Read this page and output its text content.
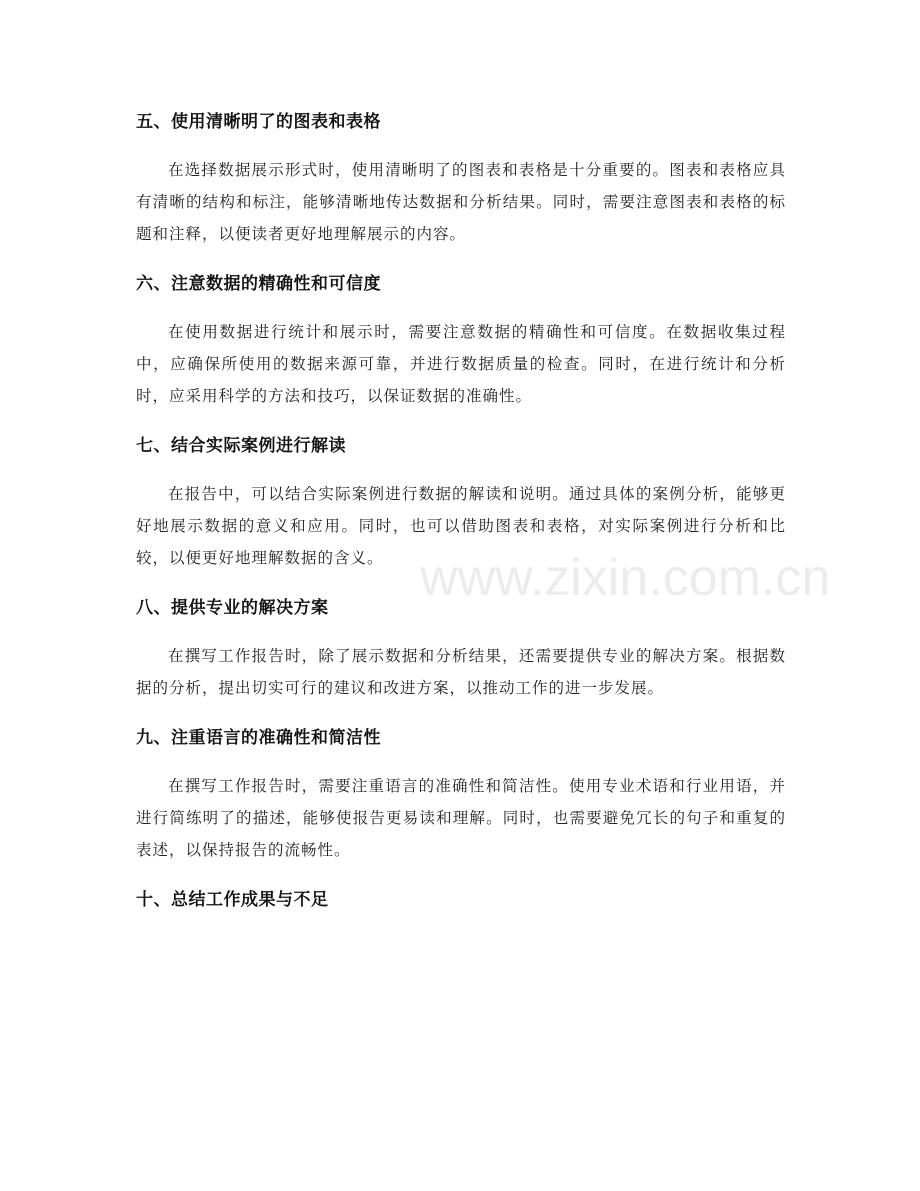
www.zixin.com.cn
五、使用清晰明了的图表和表格

在选择数据展示形式时，使用清晰明了的图表和表格是十分重要的。图表和表格应具有清晰的结构和标注，能够清晰地传达数据和分析结果。同时，需要注意图表和表格的标题和注释，以便读者更好地理解展示的内容。

六、注意数据的精确性和可信度

在使用数据进行统计和展示时，需要注意数据的精确性和可信度。在数据收集过程中，应确保所使用的数据来源可靠，并进行数据质量的检查。同时，在进行统计和分析时，应采用科学的方法和技巧，以保证数据的准确性。

七、结合实际案例进行解读

在报告中，可以结合实际案例进行数据的解读和说明。通过具体的案例分析，能够更好地展示数据的意义和应用。同时，也可以借助图表和表格，对实际案例进行分析和比较，以便更好地理解数据的含义。

八、提供专业的解决方案

在撰写工作报告时，除了展示数据和分析结果，还需要提供专业的解决方案。根据数据的分析，提出切实可行的建议和改进方案，以推动工作的进一步发展。

九、注重语言的准确性和简洁性

在撰写工作报告时，需要注重语言的准确性和简洁性。使用专业术语和行业用语，并进行简练明了的描述，能够使报告更易读和理解。同时，也需要避免冗长的句子和重复的表述，以保持报告的流畅性。

十、总结工作成果与不足
